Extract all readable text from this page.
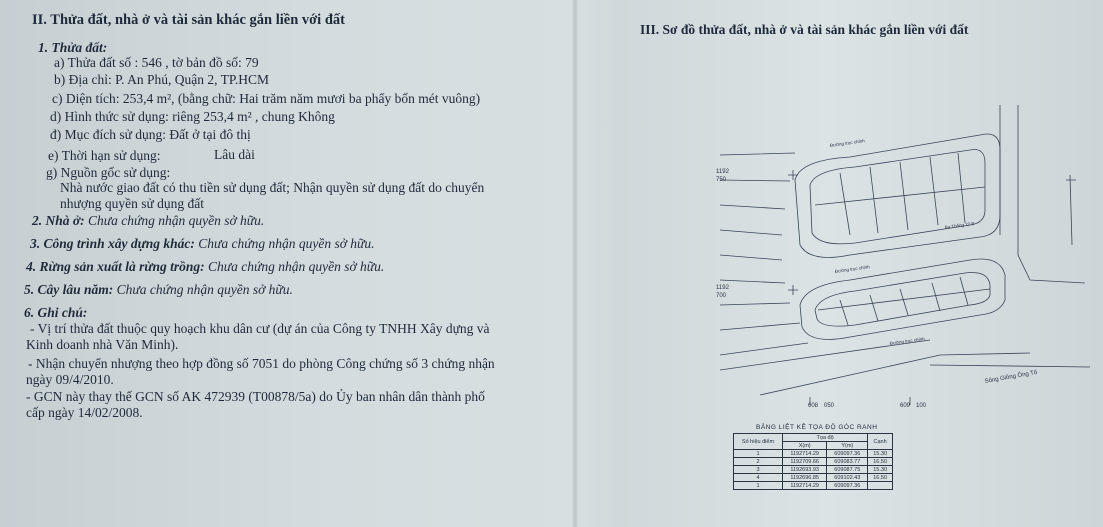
II. Thửa đất, nhà ở và tài sản khác gắn liền với đất
1. Thửa đất:
a) Thửa đất số : 546 , tờ bản đồ số: 79
b) Địa chỉ: P. An Phú, Quận 2, TP.HCM
c) Diện tích: 253,4 m², (bằng chữ: Hai trăm năm mươi ba phẩy bốn mét vuông)
d) Hình thức sử dụng: riêng 253,4 m² , chung Không
đ) Mục đích sử dụng: Đất ở tại đô thị
e) Thời hạn sử dụng:	Lâu dài
g) Nguồn gốc sử dụng:
Nhà nước giao đất có thu tiền sử dụng đất; Nhận quyền sử dụng đất do chuyển
nhượng quyền sử dụng đất
2. Nhà ở: Chưa chứng nhận quyền sở hữu.
3. Công trình xây dựng khác: Chưa chứng nhận quyền sở hữu.
4. Rừng sản xuất là rừng trồng: Chưa chứng nhận quyền sở hữu.
5. Cây lâu năm: Chưa chứng nhận quyền sở hữu.
6. Ghi chú:
- Vị trí thửa đất thuộc quy hoạch khu dân cư (dự án của Công ty TNHH Xây dựng và
Kinh doanh nhà Văn Minh).
- Nhận chuyển nhượng theo hợp đồng số 7051 do phòng Công chứng số 3 chứng nhận
ngày 09/4/2010.
- GCN này thay thế GCN số AK 472939 (T00878/5a) do Ủy ban nhân dân thành phố
cấp ngày 14/02/2008.
III. Sơ đồ thửa đất, nhà ở và tài sản khác gắn liền với đất
1192
750
1192
700
608 050	609 100
Đường trục chính
Đường trục chính
Đường trục chính
Ba Thống 22 B
Sông Giồng Ông Tố
BẢNG LIỆT KÊ TỌA ĐỘ GÓC RANH
Số hiệu điểm	Tọa độ		Cạnh
	X(m)	Y(m)	
1	1192714.29	609097.36	15.30
2	1192709.66	609083.77	16.50
3	1192693.93	609087.75	15.30
4	1192696.85	609102.43	16.50
1	1192714.29	609097.36	
